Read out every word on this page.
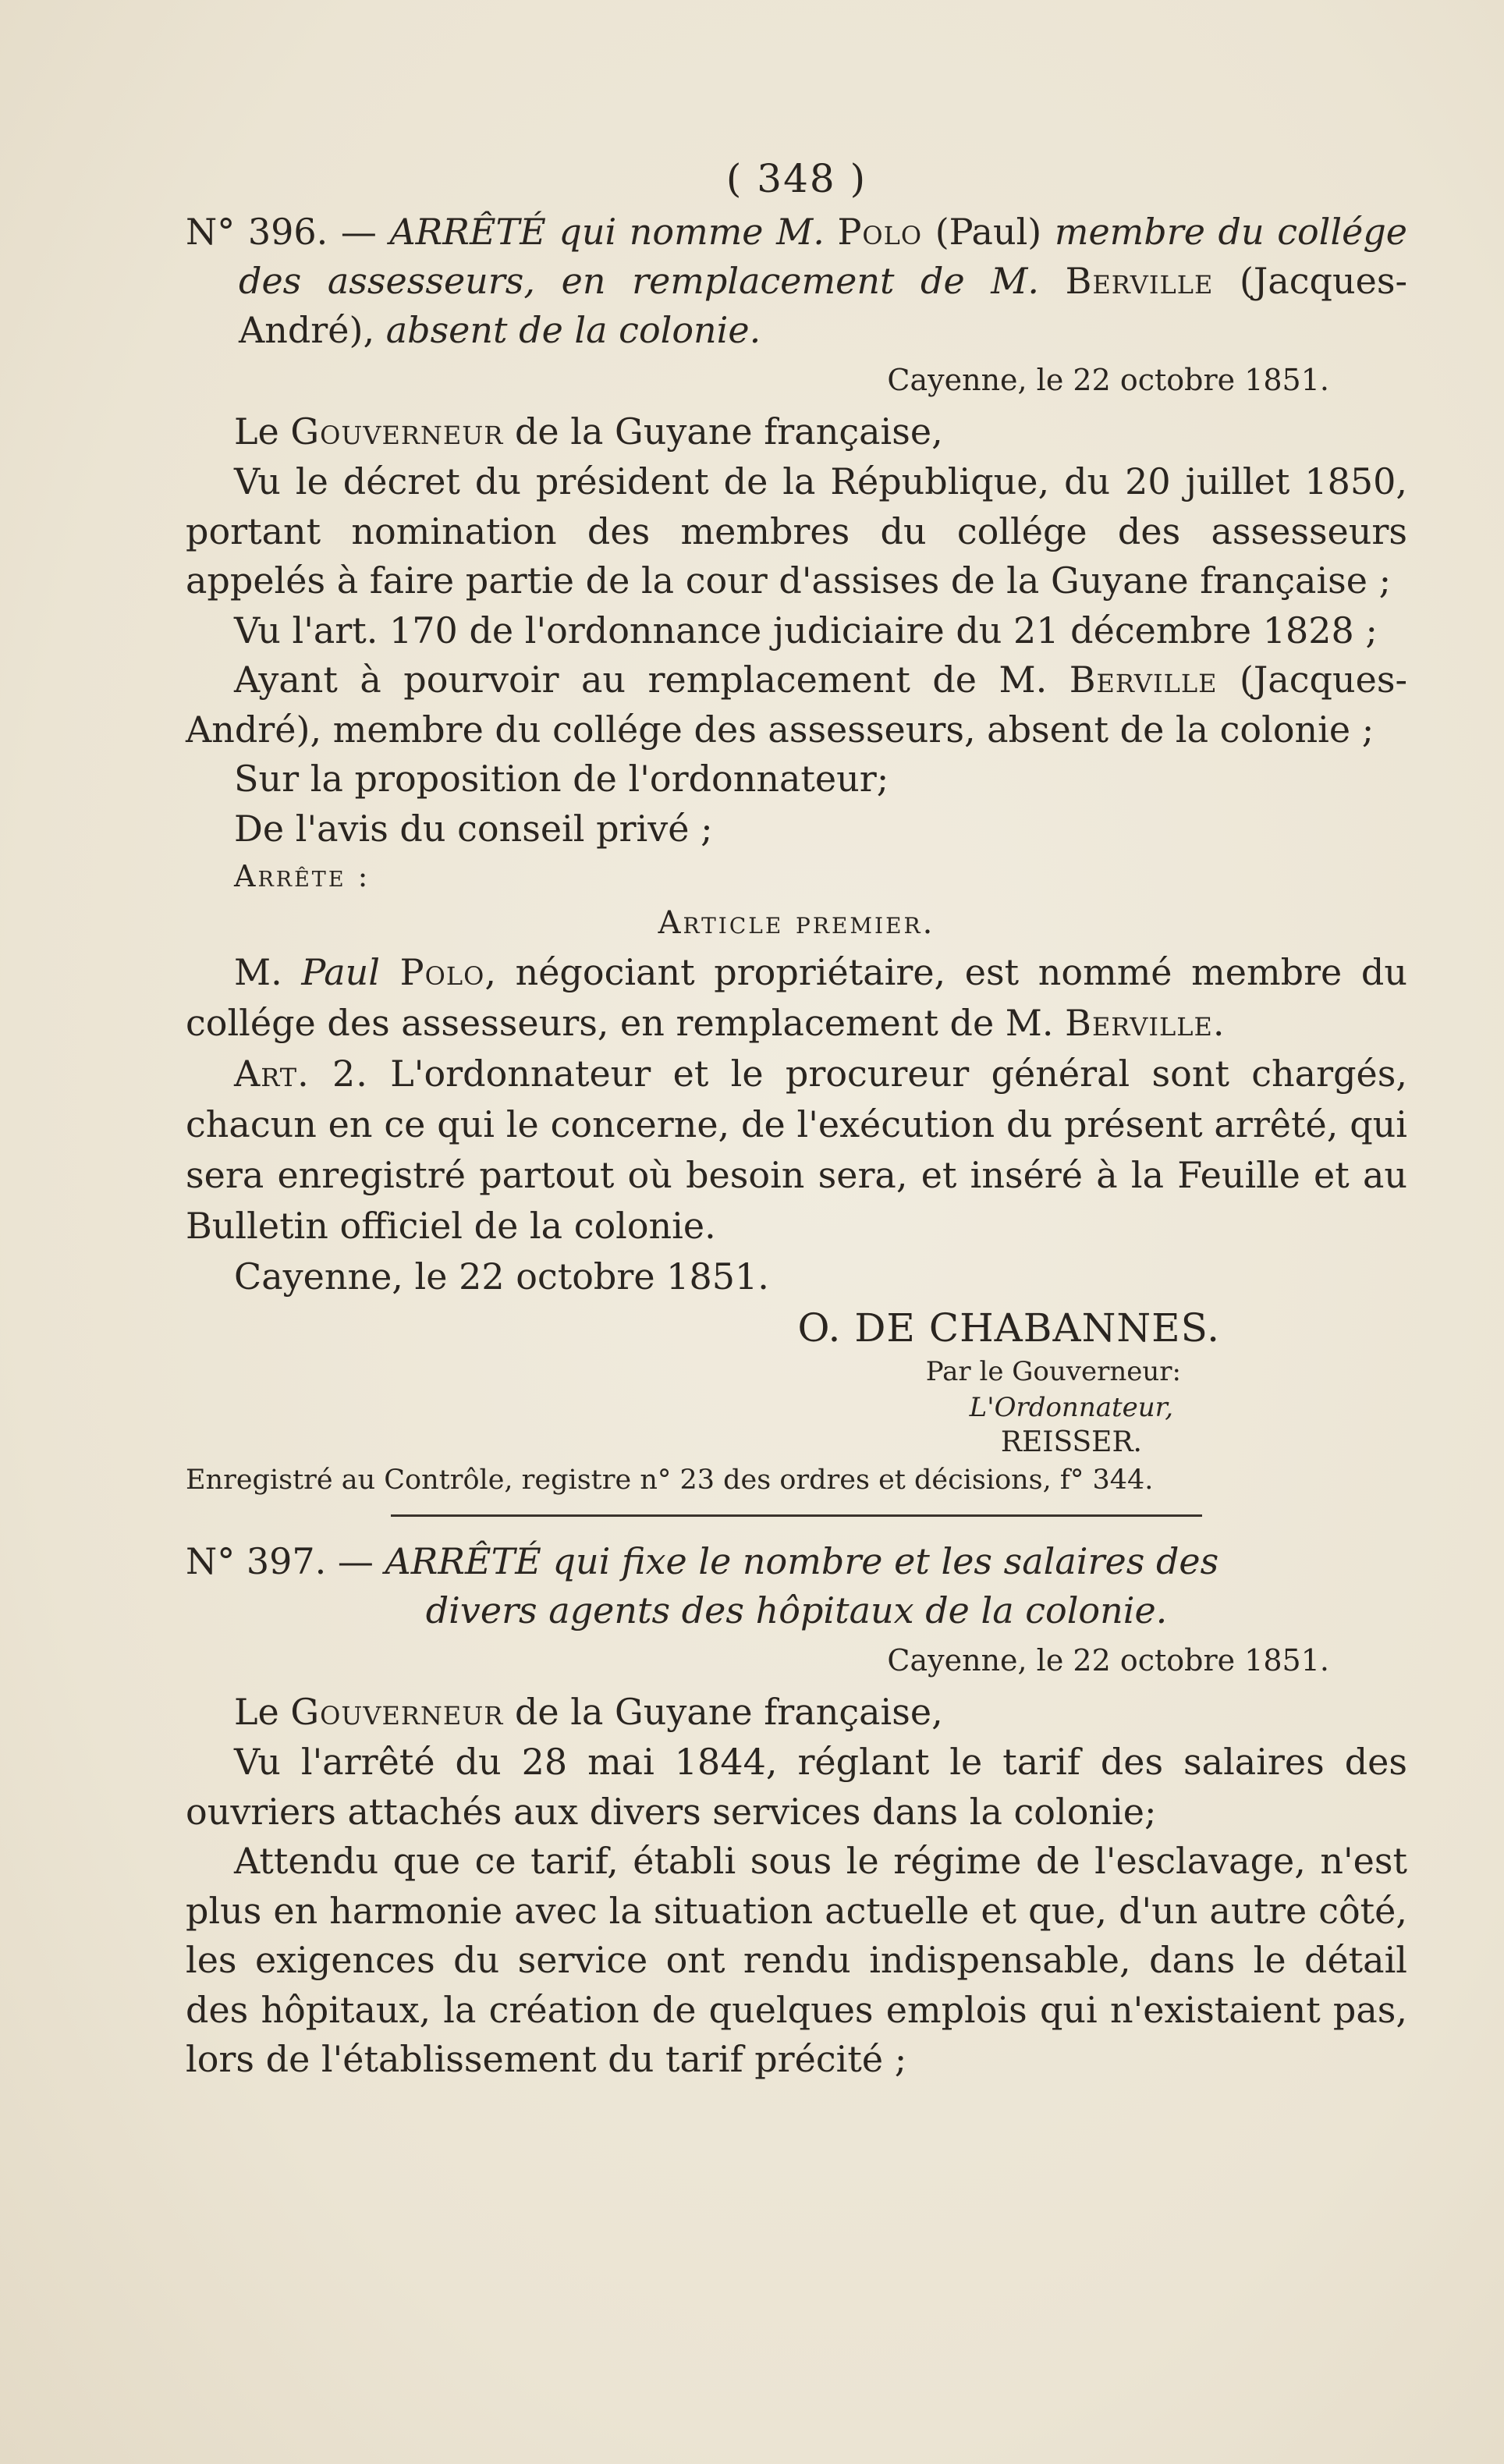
( 348 )

N° 396. — ARRÊTÉ qui nomme M. Polo (Paul) membre du collége des assesseurs, en remplacement de M. Berville (Jacques-André), absent de la colonie.

Cayenne, le 22 octobre 1851.

Le Gouverneur de la Guyane française,

Vu le décret du président de la République, du 20 juillet 1850, portant nomination des membres du collége des assesseurs appelés à faire partie de la cour d'assises de la Guyane française ;

Vu l'art. 170 de l'ordonnance judiciaire du 21 décembre 1828 ;

Ayant à pourvoir au remplacement de M. Berville (Jacques-André), membre du collége des assesseurs, absent de la colonie ;

Sur la proposition de l'ordonnateur;

De l'avis du conseil privé ;

Arrête :

Article premier.

M. Paul Polo, négociant propriétaire, est nommé membre du collége des assesseurs, en remplacement de M. Berville.

Art. 2. L'ordonnateur et le procureur général sont chargés, chacun en ce qui le concerne, de l'exécution du présent arrêté, qui sera enregistré partout où besoin sera, et inséré à la Feuille et au Bulletin officiel de la colonie.

Cayenne, le 22 octobre 1851.

O. DE CHABANNES.

Par le Gouverneur:

L'Ordonnateur,

REISSER.

Enregistré au Contrôle, registre n° 23 des ordres et décisions, f° 344.

N° 397. — ARRÊTÉ qui fixe le nombre et les salaires des

divers agents des hôpitaux de la colonie.

Cayenne, le 22 octobre 1851.

Le Gouverneur de la Guyane française,

Vu l'arrêté du 28 mai 1844, réglant le tarif des salaires des ouvriers attachés aux divers services dans la colonie;

Attendu que ce tarif, établi sous le régime de l'esclavage, n'est plus en harmonie avec la situation actuelle et que, d'un autre côté, les exigences du service ont rendu indispensable, dans le détail des hôpitaux, la création de quelques emplois qui n'existaient pas, lors de l'établissement du tarif précité ;
